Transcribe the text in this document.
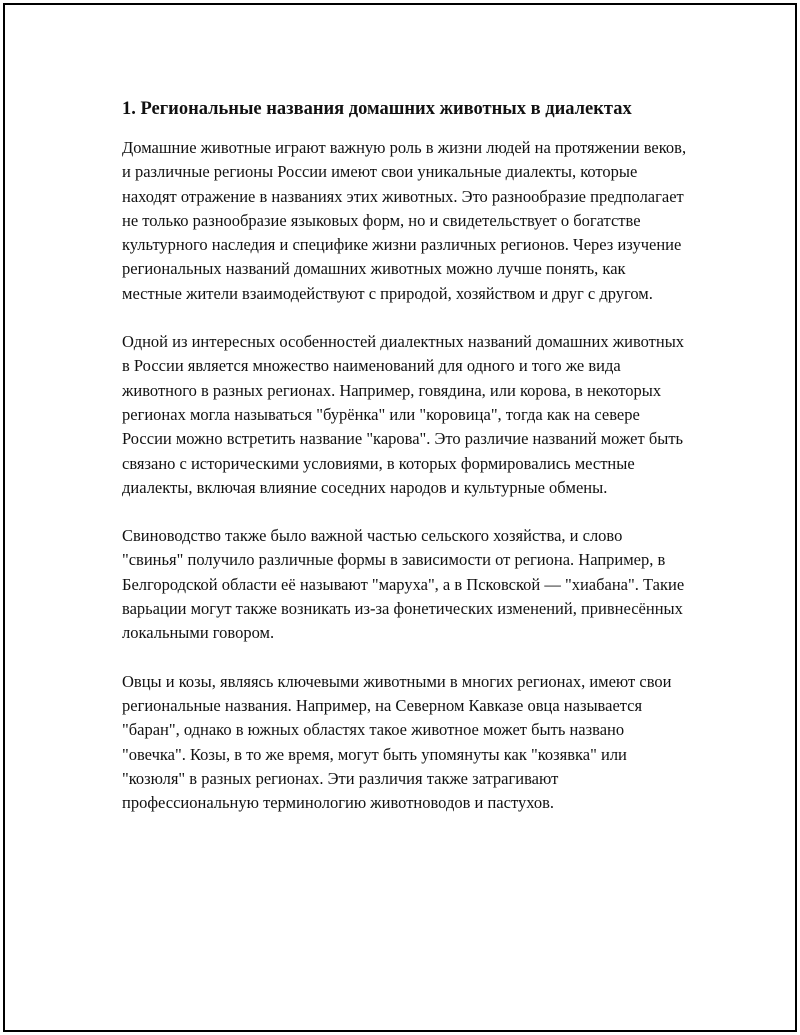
1. Региональные названия домашних животных в диалектах

Домашние животные играют важную роль в жизни людей на протяжении веков, и различные регионы России имеют свои уникальные диалекты, которые находят отражение в названиях этих животных. Это разнообразие предполагает не только разнообразие языковых форм, но и свидетельствует о богатстве культурного наследия и специфике жизни различных регионов. Через изучение региональных названий домашних животных можно лучше понять, как местные жители взаимодействуют с природой, хозяйством и друг с другом.

Одной из интересных особенностей диалектных названий домашних животных в России является множество наименований для одного и того же вида животного в разных регионах. Например, говядина, или корова, в некоторых регионах могла называться "бурёнка" или "коровица", тогда как на севере России можно встретить название "карова". Это различие названий может быть связано с историческими условиями, в которых формировались местные диалекты, включая влияние соседних народов и культурные обмены.

Свиноводство также было важной частью сельского хозяйства, и слово "свинья" получило различные формы в зависимости от региона. Например, в Белгородской области её называют "маруха", а в Псковской — "хиабана". Такие варьации могут также возникать из-за фонетических изменений, привнесённых локальными говором.

Овцы и козы, являясь ключевыми животными в многих регионах, имеют свои региональные названия. Например, на Северном Кавказе овца называется "баран", однако в южных областях такое животное может быть названо "овечка". Козы, в то же время, могут быть упомянуты как "козявка" или "козюля" в разных регионах. Эти различия также затрагивают профессиональную терминологию животноводов и пастухов.
